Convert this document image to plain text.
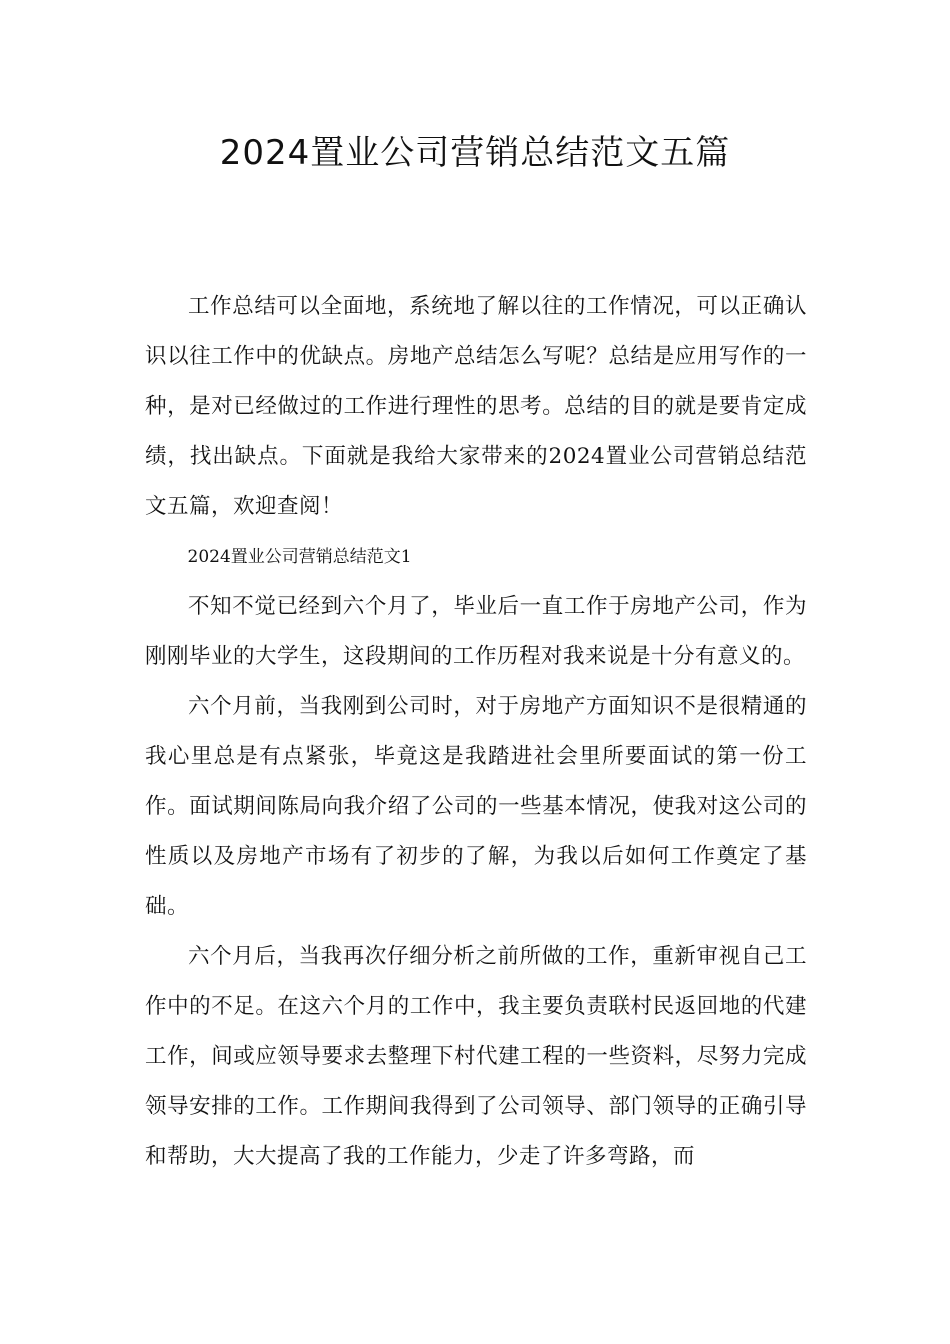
2024置业公司营销总结范文五篇

工作总结可以全面地，系统地了解以往的工作情况，可以正确认识以往工作中的优缺点。房地产总结怎么写呢？总结是应用写作的一种，是对已经做过的工作进行理性的思考。总结的目的就是要肯定成绩，找出缺点。下面就是我给大家带来的2024置业公司营销总结范文五篇，欢迎查阅！

2024置业公司营销总结范文1

不知不觉已经到六个月了，毕业后一直工作于房地产公司，作为刚刚毕业的大学生，这段期间的工作历程对我来说是十分有意义的。

六个月前，当我刚到公司时，对于房地产方面知识不是很精通的我心里总是有点紧张，毕竟这是我踏进社会里所要面试的第一份工作。面试期间陈局向我介绍了公司的一些基本情况，使我对这公司的性质以及房地产市场有了初步的了解，为我以后如何工作奠定了基础。

六个月后，当我再次仔细分析之前所做的工作，重新审视自己工作中的不足。在这六个月的工作中，我主要负责联村民返回地的代建工作，间或应领导要求去整理下村代建工程的一些资料，尽努力完成领导安排的工作。工作期间我得到了公司领导、部门领导的正确引导和帮助，大大提高了我的工作能力，少走了许多弯路，而
